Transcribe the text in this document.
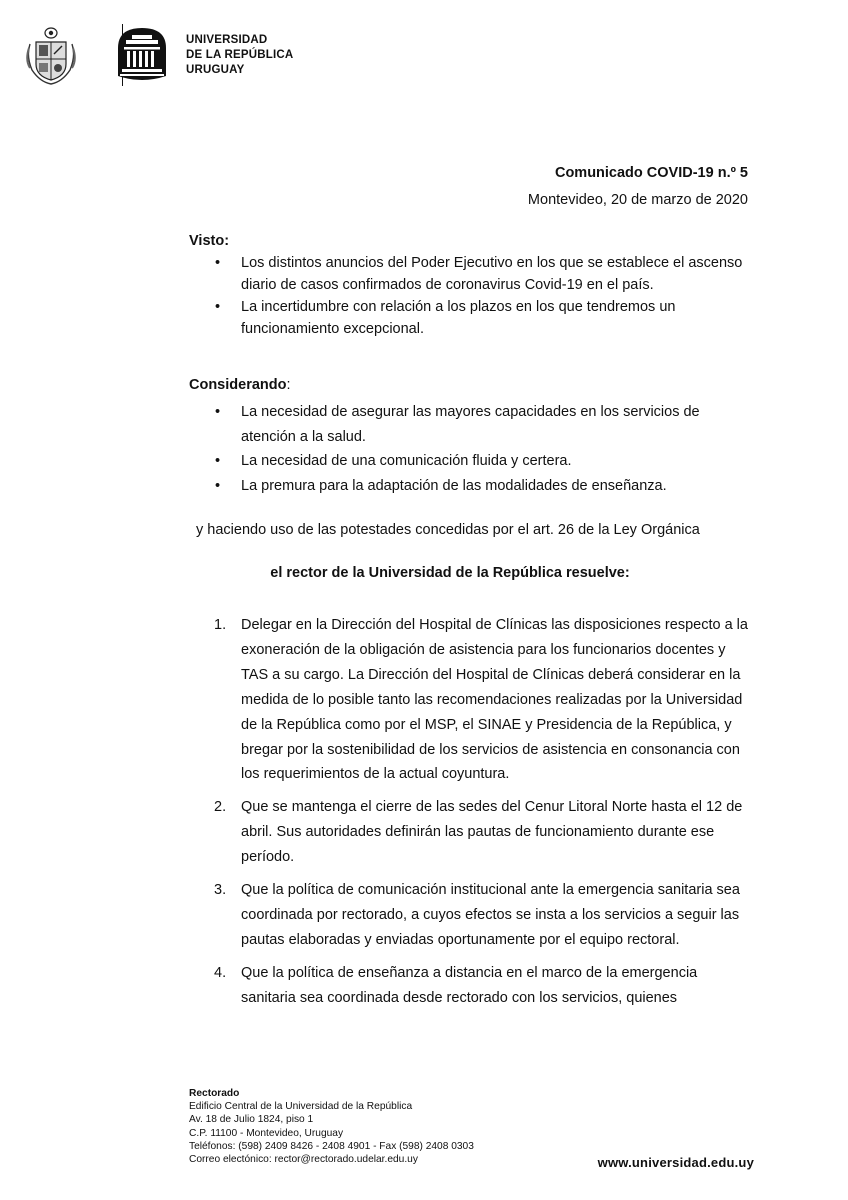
UNIVERSIDAD
DE LA REPÚBLICA
URUGUAY
Comunicado COVID-19 n.º 5
Montevideo, 20 de marzo de 2020
Visto:
• Los distintos anuncios del Poder Ejecutivo en los que se establece el ascenso diario de casos confirmados de coronavirus Covid-19 en el país.
• La incertidumbre con relación a los plazos en los que tendremos un funcionamiento excepcional.
Considerando:
• La necesidad de asegurar las mayores capacidades en los servicios de atención a la salud.
• La necesidad de una comunicación fluida y certera.
• La premura para la adaptación de las modalidades de enseñanza.
y haciendo uso de las potestades concedidas por el art. 26 de la Ley Orgánica
el rector de la Universidad de la República resuelve:
1. Delegar en la Dirección del Hospital de Clínicas las disposiciones respecto a la exoneración de la obligación de asistencia para los funcionarios docentes y TAS a su cargo. La Dirección del Hospital de Clínicas deberá considerar en la medida de lo posible tanto las recomendaciones realizadas por la Universidad de la República como por el MSP, el SINAE y Presidencia de la República, y bregar por la sostenibilidad de los servicios de asistencia en consonancia con los requerimientos de la actual coyuntura.
2. Que se mantenga el cierre de las sedes del Cenur Litoral Norte hasta el 12 de abril. Sus autoridades definirán las pautas de funcionamiento durante ese período.
3. Que la política de comunicación institucional ante la emergencia sanitaria sea coordinada por rectorado, a cuyos efectos se insta a los servicios a seguir las pautas elaboradas y enviadas oportunamente por el equipo rectoral.
4. Que la política de enseñanza a distancia en el marco de la emergencia sanitaria sea coordinada desde rectorado con los servicios, quienes
Rectorado
Edificio Central de la Universidad de la República
Av. 18 de Julio 1824, piso 1
C.P. 11100 - Montevideo, Uruguay
Teléfonos: (598) 2409 8426 - 2408 4901 - Fax (598) 2408 0303
Correo electónico: rector@rectorado.udelar.edu.uy	www.universidad.edu.uy
